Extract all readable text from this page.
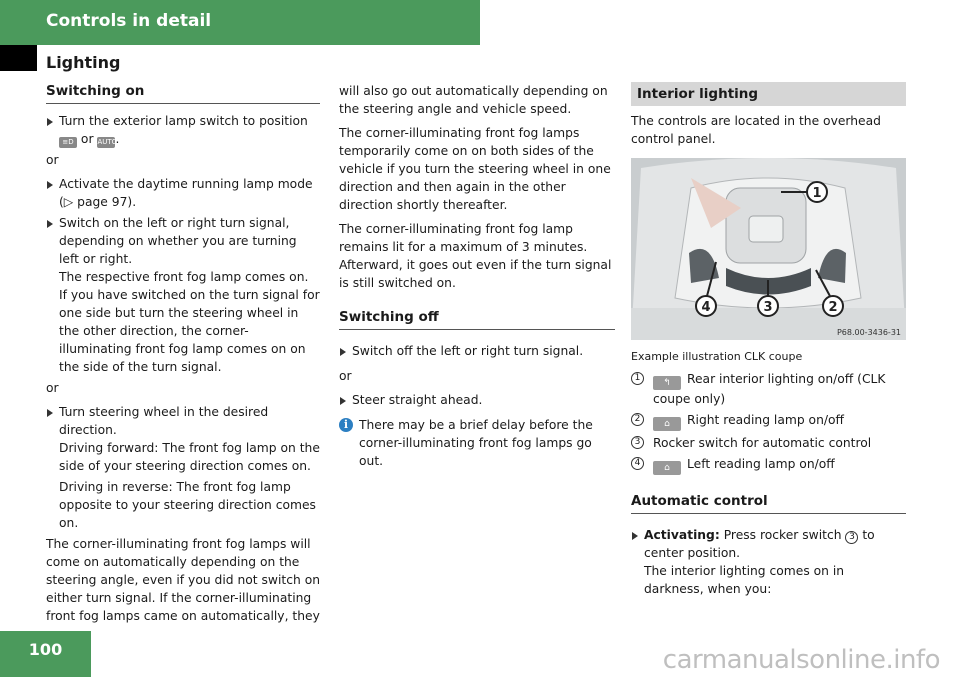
Controls in detail
Lighting
Switching on
Turn the exterior lamp switch to position
≡D or AUTO.

or

Activate the daytime running lamp mode (▷ page 97).
Switch on the left or right turn signal, depending on whether you are turning left or right.
The respective front fog lamp comes on. If you have switched on the turn signal for one side but turn the steering wheel in the other direction, the corner-illuminating front fog lamp comes on on the side of the turn signal.

or

Turn steering wheel in the desired direction.
Driving forward: The front fog lamp on the side of your steering direction comes on.
Driving in reverse: The front fog lamp opposite to your steering direction comes on.

The corner-illuminating front fog lamps will come on automatically depending on the steering angle, even if you did not switch on either turn signal. If the corner-illuminating front fog lamps came on automatically, they

will also go out automatically depending on the steering angle and vehicle speed.

The corner-illuminating front fog lamps temporarily come on on both sides of the vehicle if you turn the steering wheel in one direction and then again in the other direction shortly thereafter.

The corner-illuminating front fog lamp remains lit for a maximum of 3 minutes. Afterward, it goes out even if the turn signal is still switched on.

Switching off
Switch off the left or right turn signal.

or

Steer straight ahead.
i There may be a brief delay before the corner-illuminating front fog lamps go out.
Interior lighting

The controls are located in the overhead control panel.

1
2
3
4
P68.00-3436-31
Example illustration CLK coupe
1	↰ Rear interior lighting on/off (CLK coupe only)
2	⌂ Right reading lamp on/off
3 Rocker switch for automatic control
4	⌂ Left reading lamp on/off
Automatic control
Activating: Press rocker switch 3 to center position.
The interior lighting comes on in darkness, when you:
100	carmanualsonline.info
